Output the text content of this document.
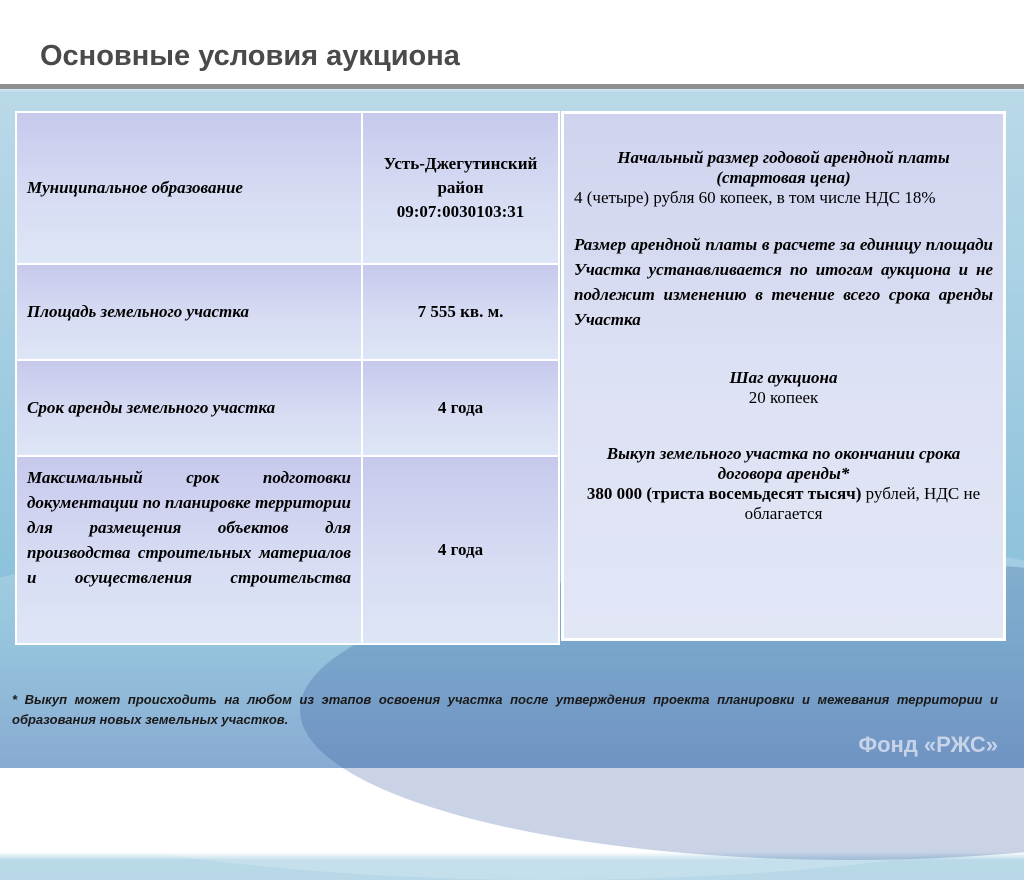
Основные условия аукциона
Муниципальное образование	Усть-Джегутинский район 09:07:0030103:31
Площадь земельного участка	7 555 кв. м.
Срок аренды земельного участка	4 года
Максимальный срок подготовки документации по планировке территории для размещения объектов для производства строительных материалов и осуществления строительства	4 года
Начальный размер годовой арендной платы (стартовая цена)
4 (четыре) рубля 60 копеек, в том числе НДС 18%
Размер арендной платы в расчете за единицу площади Участка устанавливается по итогам аукциона и не подлежит изменению в течение всего срока аренды Участка
Шаг аукциона
20 копеек
Выкуп земельного участка по окончании срока договора аренды*
380 000 (триста восемьдесят тысяч) рублей, НДС не облагается
* Выкуп может происходить на любом из этапов освоения участка после утверждения проекта планировки и межевания территории и образования новых земельных участков.
Фонд «РЖС»
